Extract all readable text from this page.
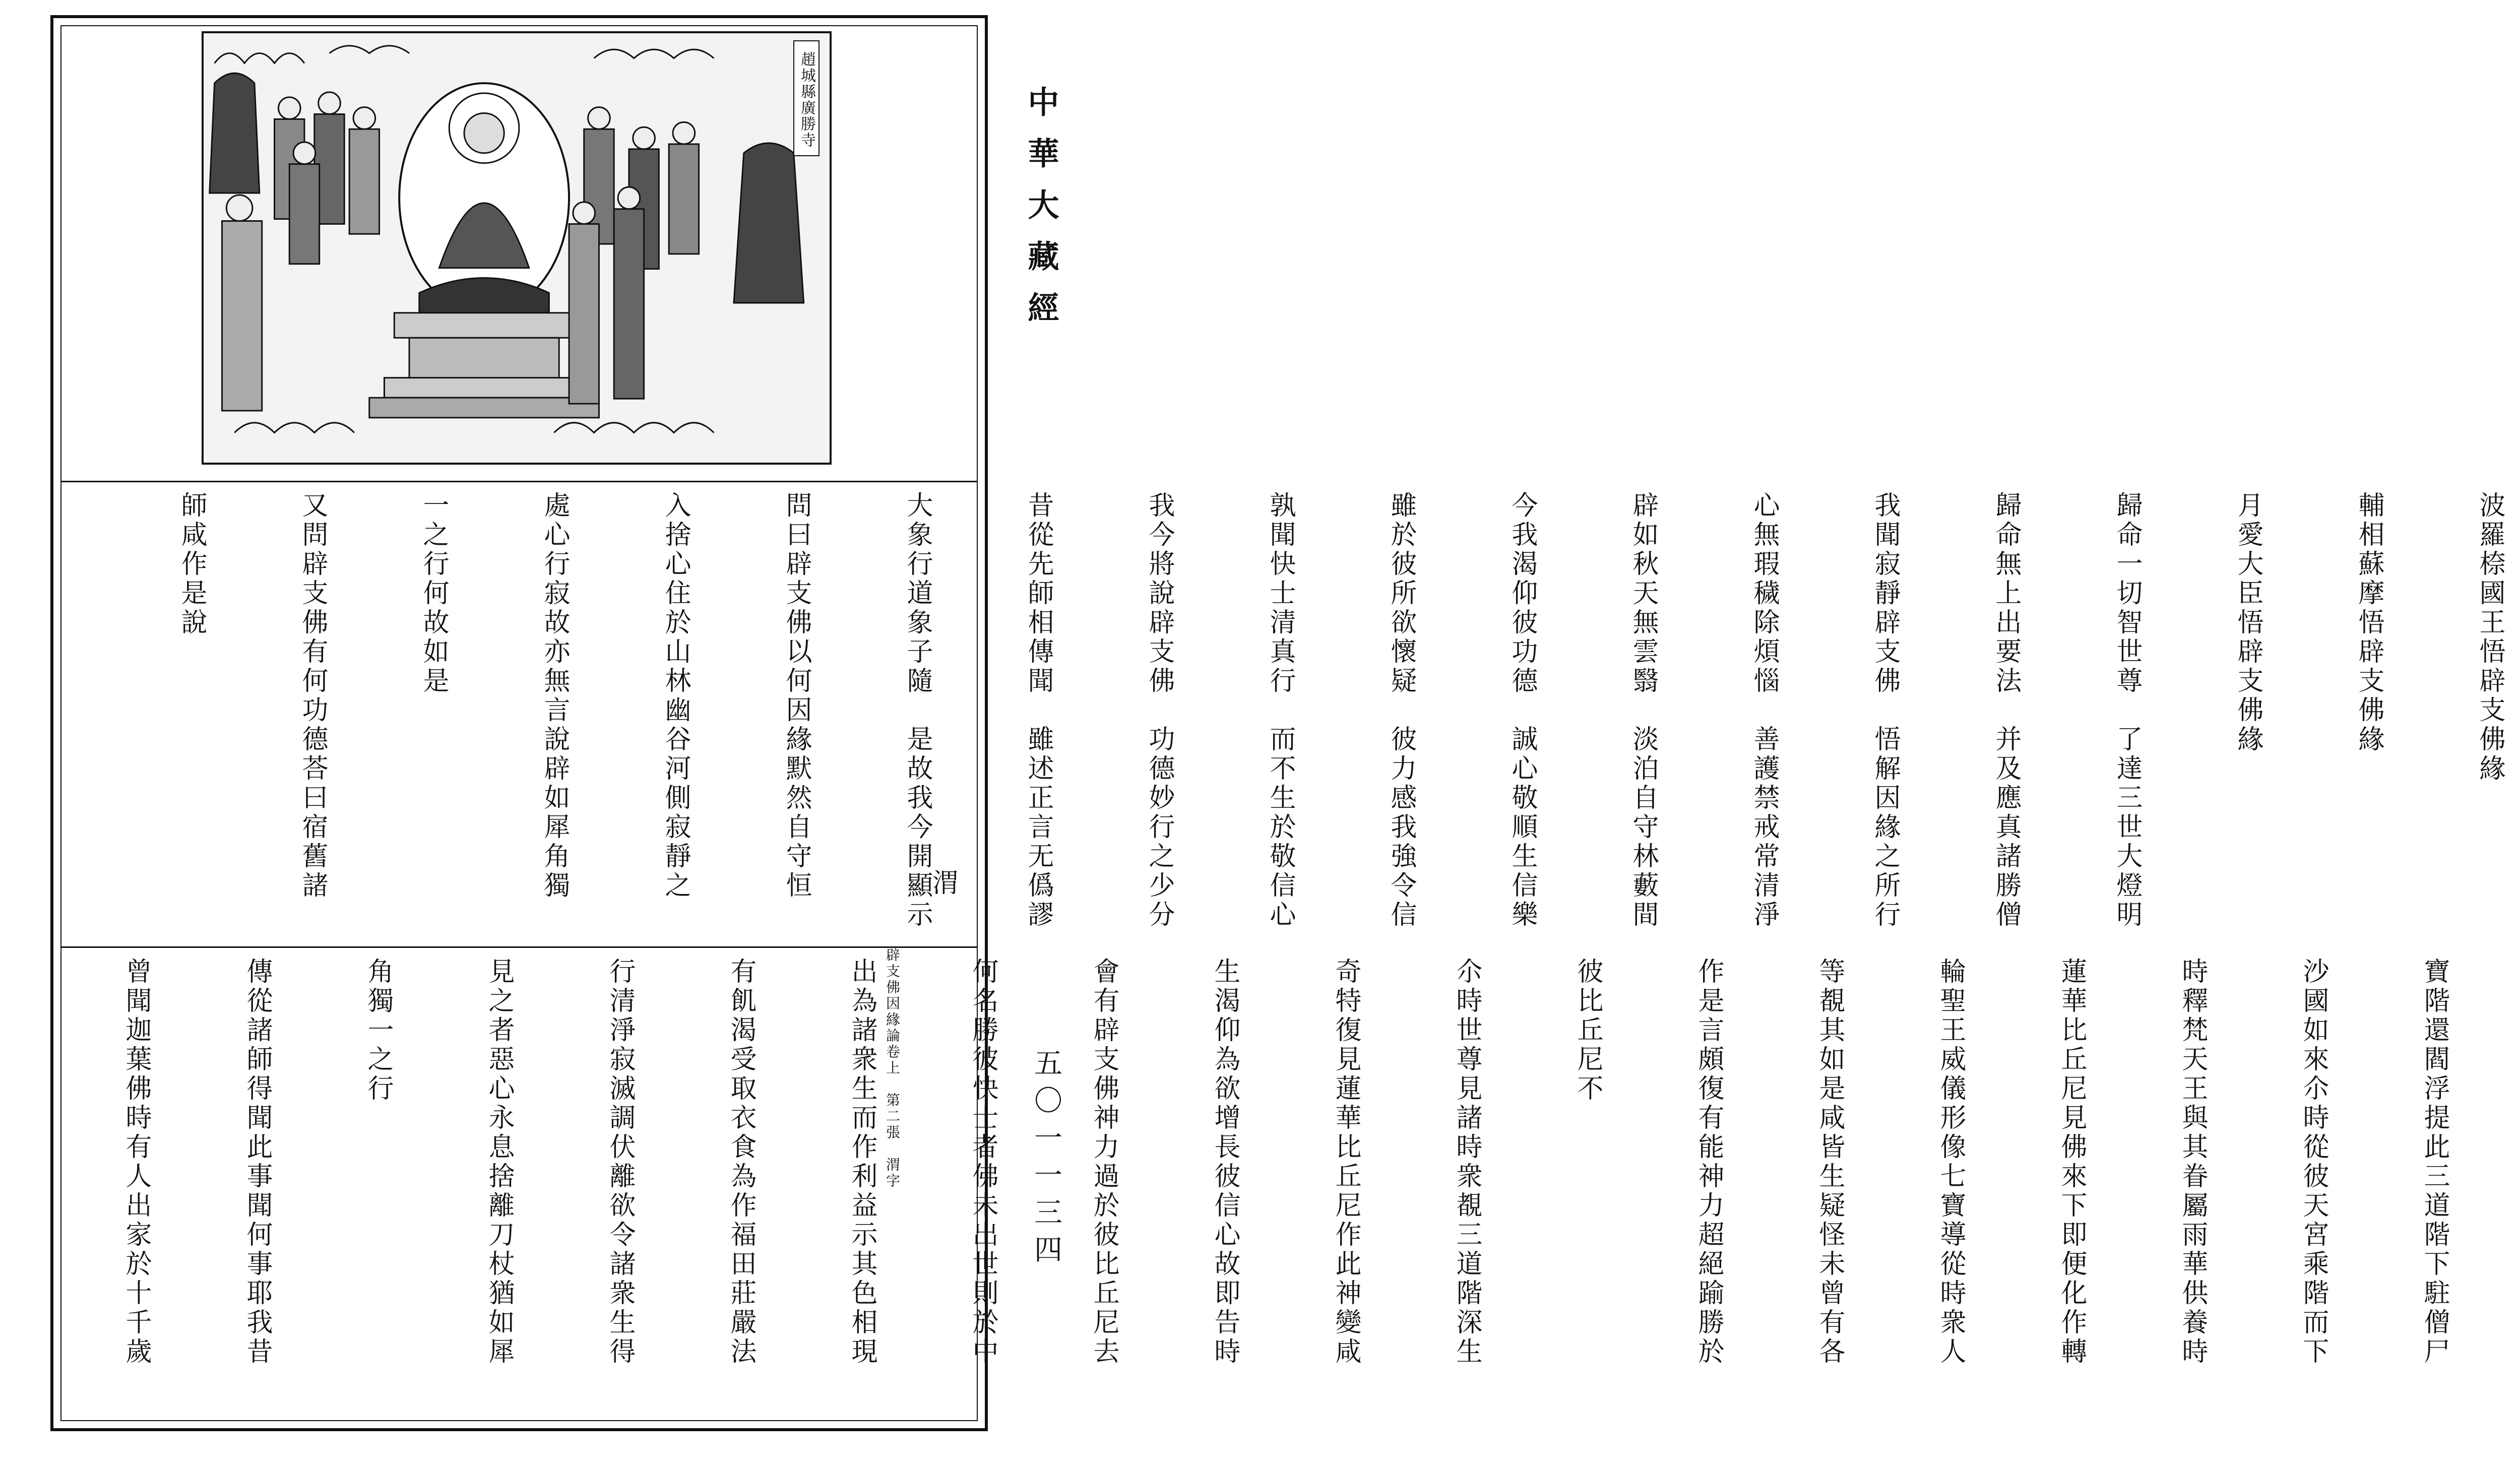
趙城縣廣勝寺	中華大藏經
五〇一一三四

波羅㮈國王悟辟支佛緣

輔相蘇摩悟辟支佛緣

月愛大臣悟辟支佛緣

歸命一切智世尊　了達三世大燈明

歸命無上出要法　并及應真諸勝僧

我聞寂靜辟支佛　悟解因緣之所行

心無瑕穢除煩惱　善護禁戒常清淨

辟如秋天無雲翳　淡泊自守林藪間

今我渴仰彼功德　誠心敬順生信樂

雖於彼所欲懷疑　彼力感我強令信

孰聞快士清真行　而不生於敬信心

我今將說辟支佛　功德妙行之少分

昔從先師相傳聞　雖述正言无僞謬

大象行道象子隨　是故我今開顯示

問曰辟支佛以何因緣默然自守恒

入捨心住於山林幽谷河側寂靜之

處心行寂故亦無言說辟如犀角獨

一之行何故如是

又問辟支佛有何功德荅曰宿舊諸

師咸作是說

渭

寶階還閻浮提此三道階下駐僧尸

沙國如來尒時從彼天宮乘階而下

時釋梵天王與其眷屬雨華供養時

蓮華比丘尼見佛來下即便化作轉

輪聖王威儀形像七寶導從時衆人

等覩其如是咸皆生疑怪未曾有各

作是言頗復有能神力超絕踰勝於

彼比丘尼不

尒時世尊見諸時衆覩三道階深生

奇特復見蓮華比丘尼作此神變咸

生渴仰為欲增長彼信心故即告時

會有辟支佛神力過於彼比丘尼去

何名勝彼快士者佛未出世則於中

出為諸衆生而作利益示其色相現

有飢渴受取衣食為作福田莊嚴法

行清淨寂滅調伏離欲令諸衆生得

見之者惡心永息捨離刀杖猶如犀

角獨一之行

傳從諸師得聞此事聞何事耶我昔

曾聞迦葉佛時有人出家於十千歲	辟支佛因緣論卷上　第二張　渭字
